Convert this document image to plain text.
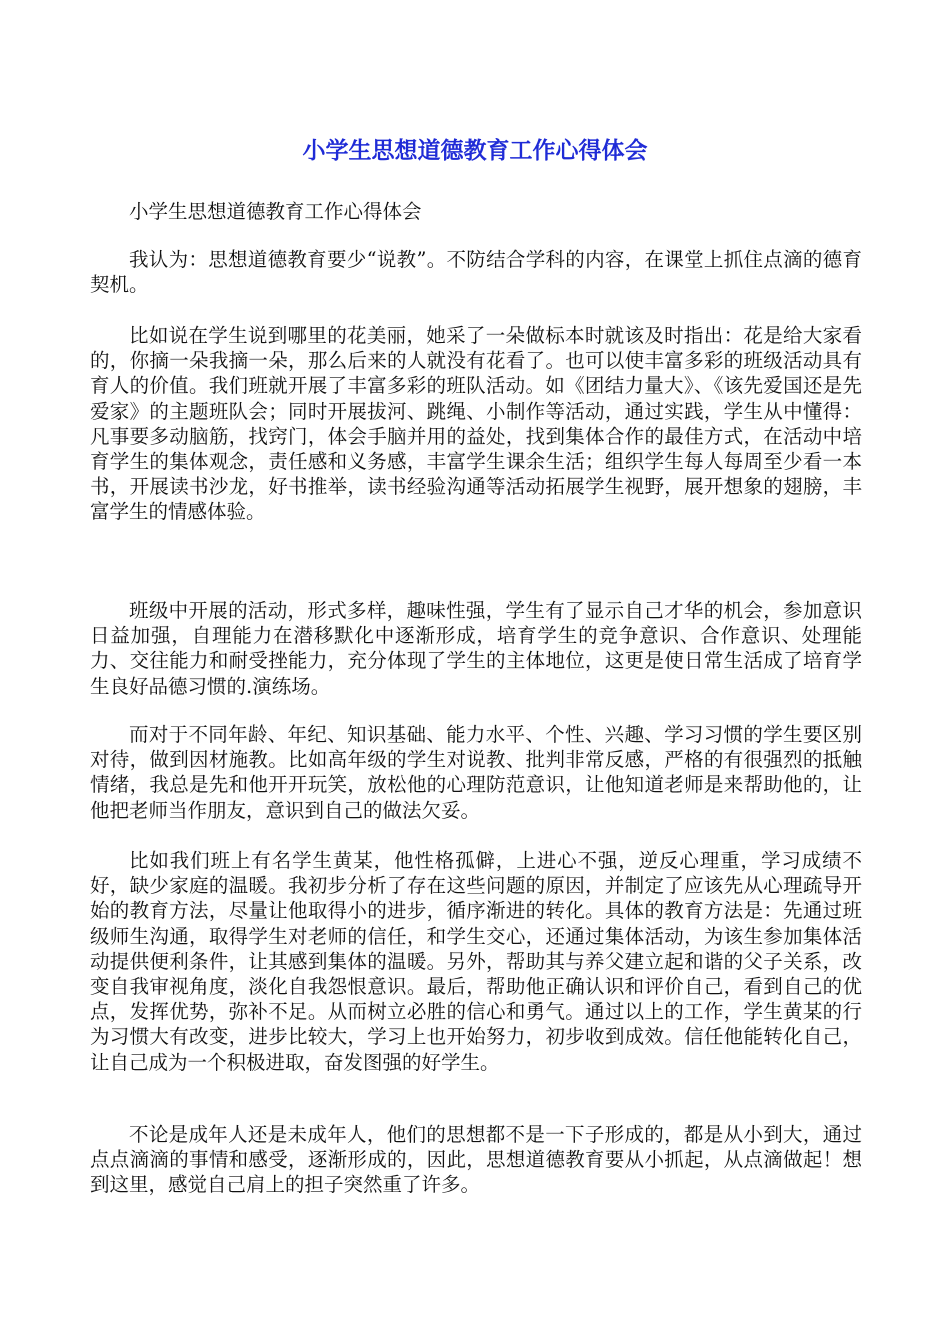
小学生思想道德教育工作心得体会

小学生思想道德教育工作心得体会

我认为：思想道德教育要少“说教”。不防结合学科的内容，在课堂上抓住点滴的德育契机。

比如说在学生说到哪里的花美丽，她采了一朵做标本时就该及时指出：花是给大家看的，你摘一朵我摘一朵，那么后来的人就没有花看了。也可以使丰富多彩的班级活动具有育人的价值。我们班就开展了丰富多彩的班队活动。如《团结力量大》、《该先爱国还是先爱家》的主题班队会；同时开展拔河、跳绳、小制作等活动，通过实践，学生从中懂得：凡事要多动脑筋，找窍门，体会手脑并用的益处，找到集体合作的最佳方式，在活动中培育学生的集体观念，责任感和义务感，丰富学生课余生活；组织学生每人每周至少看一本书，开展读书沙龙，好书推举，读书经验沟通等活动拓展学生视野，展开想象的翅膀，丰富学生的情感体验。

班级中开展的活动，形式多样，趣味性强，学生有了显示自己才华的机会，参加意识日益加强，自理能力在潜移默化中逐渐形成，培育学生的竞争意识、合作意识、处理能力、交往能力和耐受挫能力，充分体现了学生的主体地位，这更是使日常生活成了培育学生良好品德习惯的.演练场。

而对于不同年龄、年纪、知识基础、能力水平、个性、兴趣、学习习惯的学生要区别对待，做到因材施教。比如高年级的学生对说教、批判非常反感，严格的有很强烈的抵触情绪，我总是先和他开开玩笑，放松他的心理防范意识，让他知道老师是来帮助他的，让他把老师当作朋友，意识到自己的做法欠妥。

比如我们班上有名学生黄某，他性格孤僻，上进心不强，逆反心理重，学习成绩不好，缺少家庭的温暖。我初步分析了存在这些问题的原因，并制定了应该先从心理疏导开始的教育方法，尽量让他取得小的进步，循序渐进的转化。具体的教育方法是：先通过班级师生沟通，取得学生对老师的信任，和学生交心，还通过集体活动，为该生参加集体活动提供便利条件，让其感到集体的温暖。另外，帮助其与养父建立起和谐的父子关系，改变自我审视角度，淡化自我怨恨意识。最后，帮助他正确认识和评价自己，看到自己的优点，发挥优势，弥补不足。从而树立必胜的信心和勇气。通过以上的工作，学生黄某的行为习惯大有改变，进步比较大，学习上也开始努力，初步收到成效。信任他能转化自己，让自己成为一个积极进取，奋发图强的好学生。

不论是成年人还是未成年人，他们的思想都不是一下子形成的，都是从小到大，通过点点滴滴的事情和感受，逐渐形成的，因此，思想道德教育要从小抓起，从点滴做起！想到这里，感觉自己肩上的担子突然重了许多。
